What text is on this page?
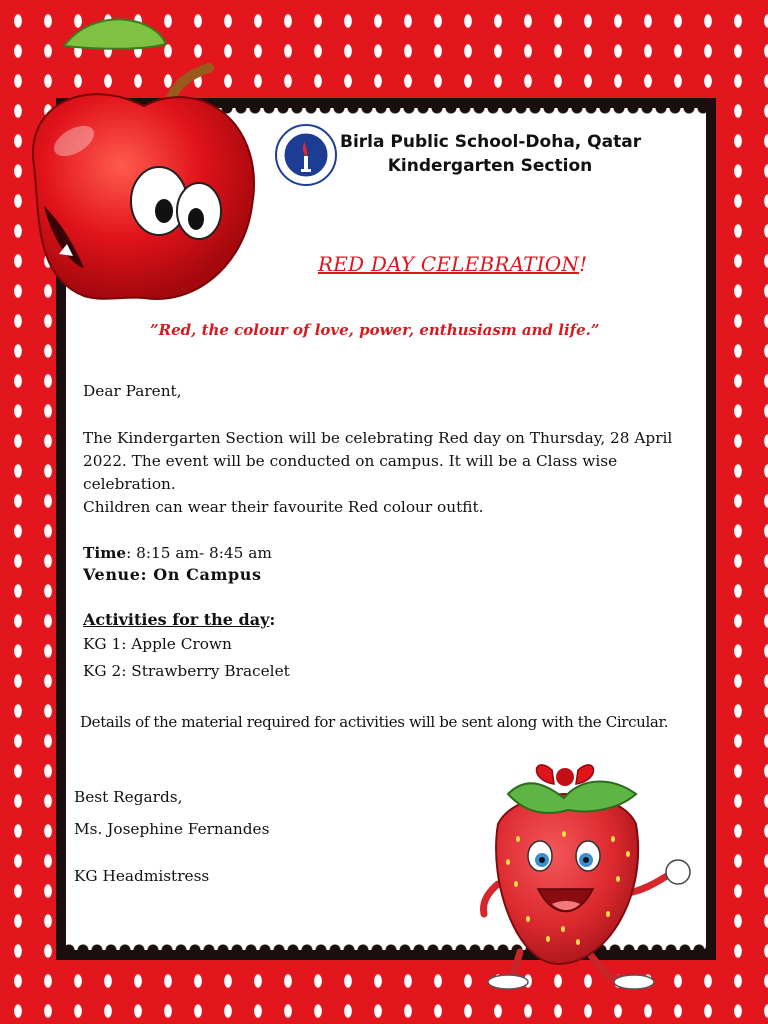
Birla Public School-Doha, Qatar
Kindergarten Section
RED DAY CELEBRATION!
”Red, the colour of love, power, enthusiasm and life.”
Dear Parent,
The Kindergarten Section will be celebrating Red day on Thursday, 28 April
2022. The event will be conducted on campus. It will be a Class wise
celebration.
Children can wear their favourite Red colour outfit.
Time: 8:15 am- 8:45 am
Venue: On Campus
Activities for the day:
KG 1: Apple Crown
KG 2: Strawberry Bracelet
Details of the material required for activities will be sent along with the Circular.
Best Regards,
Ms. Josephine Fernandes
KG Headmistress
